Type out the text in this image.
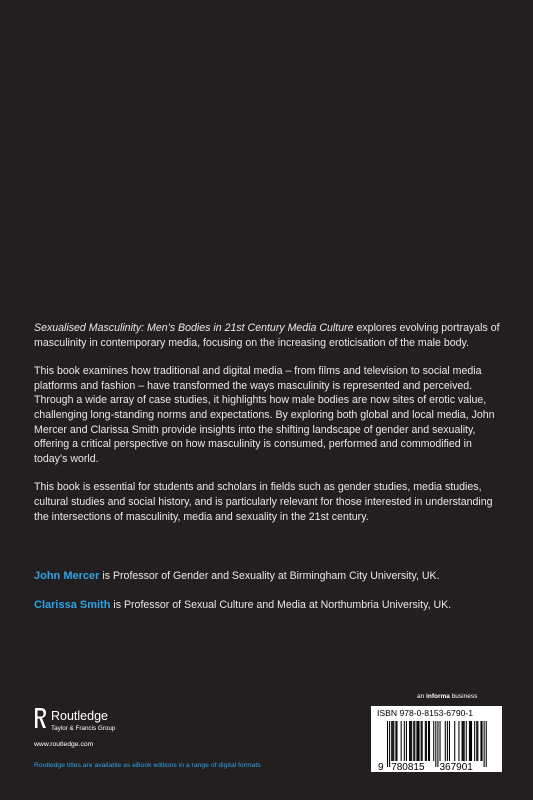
Sexualised Masculinity: Men’s Bodies in 21st Century Media Culture explores evolving portrayals of masculinity in contemporary media, focusing on the increasing eroticisation of the male body.

This book examines how traditional and digital media – from films and television to social media platforms and fashion – have transformed the ways masculinity is represented and perceived. Through a wide array of case studies, it highlights how male bodies are now sites of erotic value, challenging long-standing norms and expectations. By exploring both global and local media, John Mercer and Clarissa Smith provide insights into the shifting landscape of gender and sexuality, offering a critical perspective on how masculinity is consumed, performed and commodified in today’s world.

This book is essential for students and scholars in fields such as gender studies, media studies, cultural studies and social history, and is particularly relevant for those interested in understanding the intersections of masculinity, media and sexuality in the 21st century.

John Mercer is Professor of Gender and Sexuality at Birmingham City University, UK.
Clarissa Smith is Professor of Sexual Culture and Media at Northumbria University, UK.
an informa business
ISBN 978-0-8153-6790-1
9 780815 367901
Routledge
Taylor & Francis Group
www.routledge.com
Routledge titles are available as eBook editions in a range of digital formats
